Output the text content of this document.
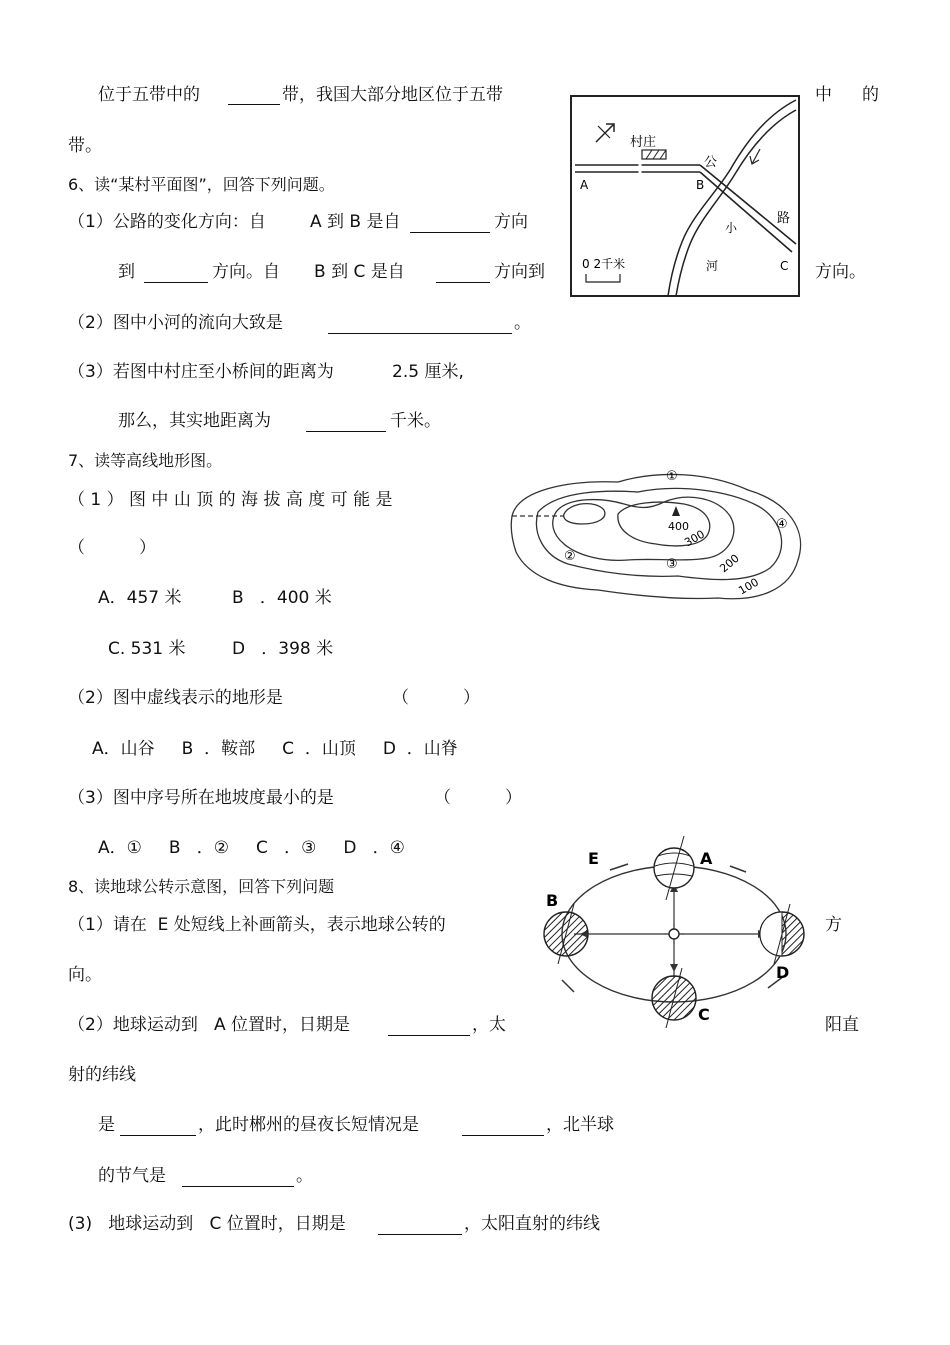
位于五带中的	带，我国大部分地区位于五带	中 的
带。
6、读“某村平面图”，回答下列问题。
（1）公路的变化方向：自	A 到 B 是自	方向
到	方向。自 B 到 C 是自	方向到	方向。
（2）图中小河的流向大致是	。
（3）若图中村庄至小桥间的距离为	2.5 厘米,
那么，其实地距离为	千米。
村庄
A	B
公
路
C
小
河
0 2千米
7、读等高线地形图。
（ 1 ） 图 中 山 顶 的 海 拔 高 度 可 能 是
（          ）
A．457 米	B   ．400 米
C. 531 米	D   ．398 米
（2）图中虚线表示的地形是	（          ）
A．山谷     B  ．鞍部     C  ．山顶     D  ．山脊
（3）图中序号所在地坡度最小的是	（          ）
A．①     B   ．②     C   ．③     D   ．④
400
300
200
100
①
②
③
④
8、读地球公转示意图，回答下列问题
（1）请在  E 处短线上补画箭头，表示地球公转的	方
向。
（2）地球运动到   A 位置时，日期是	，太	阳直
射的纬线
是	，此时郴州的昼夜长短情况是	，北半球
的节气是	。
(3)   地球运动到   C 位置时，日期是	，太阳直射的纬线
A
B
C
D
E
